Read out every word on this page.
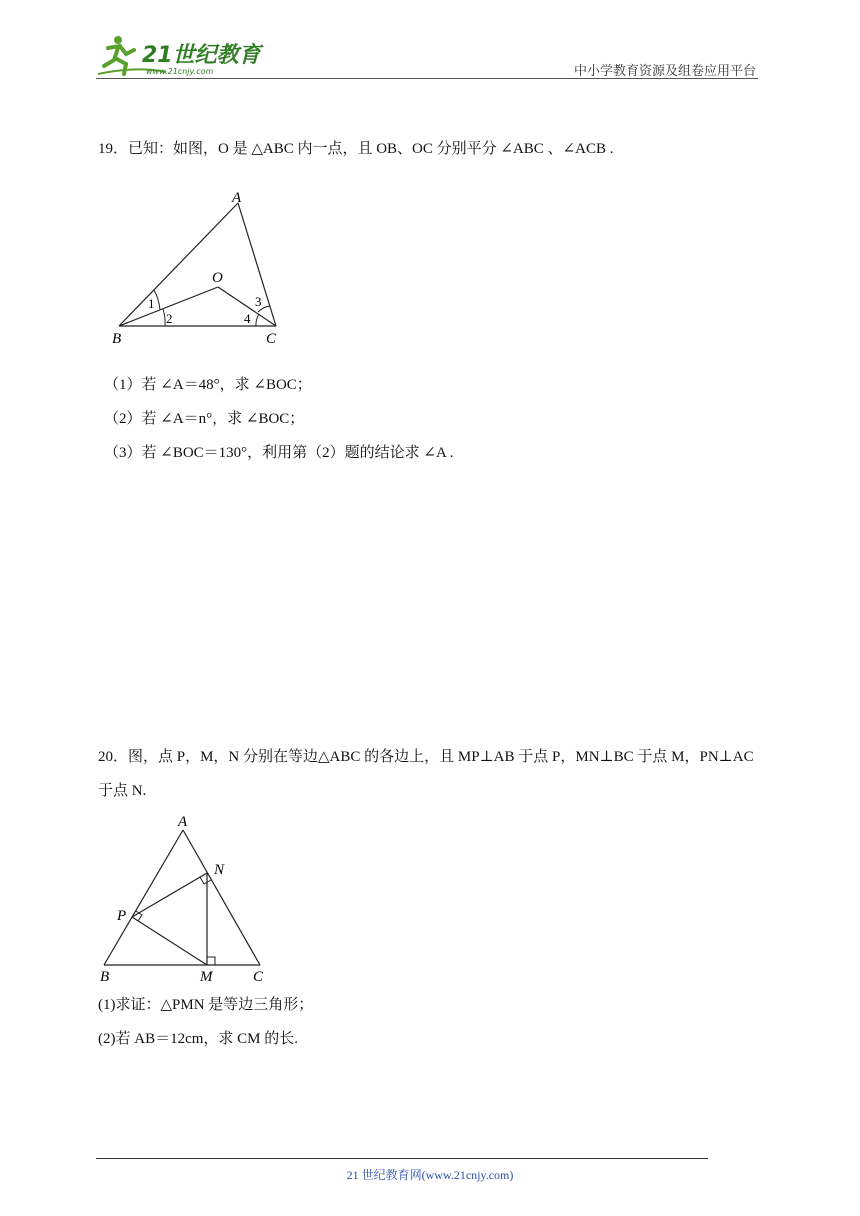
21世纪教育
www.21cnjy.com	中小学教育资源及组卷应用平台
19．已知：如图，O 是 △ABC 内一点，且 OB、OC 分别平分 ∠ABC 、∠ACB .
A
O
B	C
1
2
3
4
（1）若 ∠A＝48°，求 ∠BOC；
（2）若 ∠A＝n°，求 ∠BOC；
（3）若 ∠BOC＝130°，利用第（2）题的结论求 ∠A .
20．图，点 P，M，N 分别在等边△ABC 的各边上，且 MP⊥AB 于点 P，MN⊥BC 于点 M，PN⊥AC
于点 N.
A
N
P
B	M	C
(1)求证：△PMN 是等边三角形；
(2)若 AB＝12cm，求 CM 的长.
21 世纪教育网(www.21cnjy.com)
